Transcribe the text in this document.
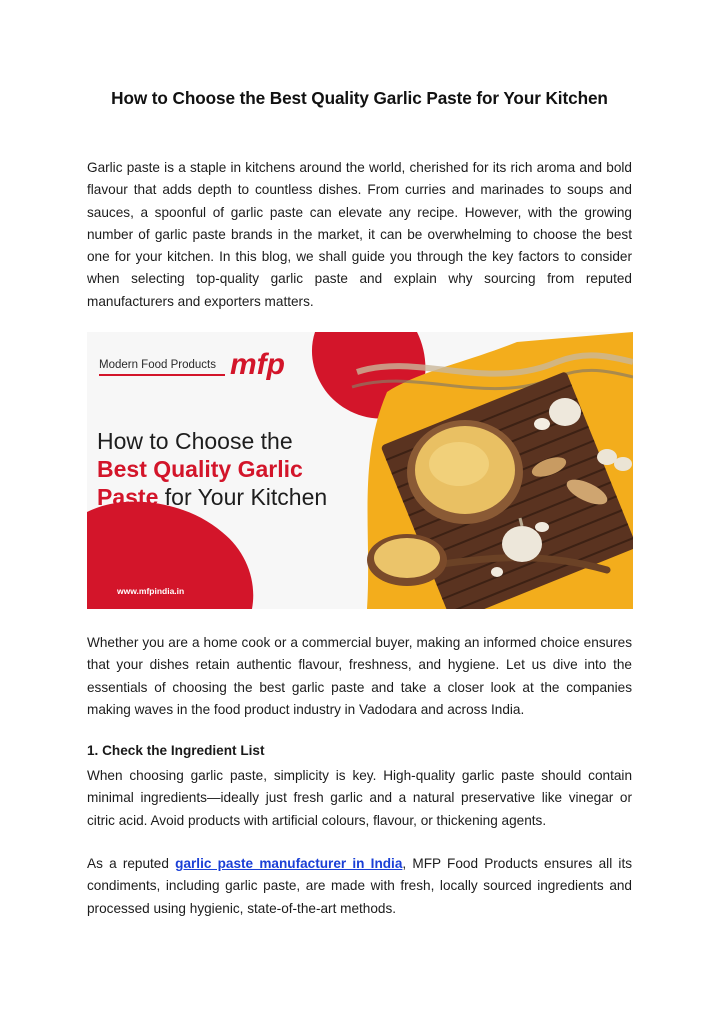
How to Choose the Best Quality Garlic Paste for Your Kitchen

Garlic paste is a staple in kitchens around the world, cherished for its rich aroma and bold flavour that adds depth to countless dishes. From curries and marinades to soups and sauces, a spoonful of garlic paste can elevate any recipe. However, with the growing number of garlic paste brands in the market, it can be overwhelming to choose the best one for your kitchen. In this blog, we shall guide you through the key factors to consider when selecting top-quality garlic paste and explain why sourcing from reputed manufacturers and exporters matters.

Modern Food Products mfp
How to Choose the
Best Quality Garlic
Paste for Your Kitchen
www.mfpindia.in

Whether you are a home cook or a commercial buyer, making an informed choice ensures that your dishes retain authentic flavour, freshness, and hygiene. Let us dive into the essentials of choosing the best garlic paste and take a closer look at the companies making waves in the food product industry in Vadodara and across India.

1. Check the Ingredient List

When choosing garlic paste, simplicity is key. High-quality garlic paste should contain minimal ingredients—ideally just fresh garlic and a natural preservative like vinegar or citric acid. Avoid products with artificial colours, flavour, or thickening agents.

As a reputed garlic paste manufacturer in India, MFP Food Products ensures all its condiments, including garlic paste, are made with fresh, locally sourced ingredients and processed using hygienic, state-of-the-art methods.
